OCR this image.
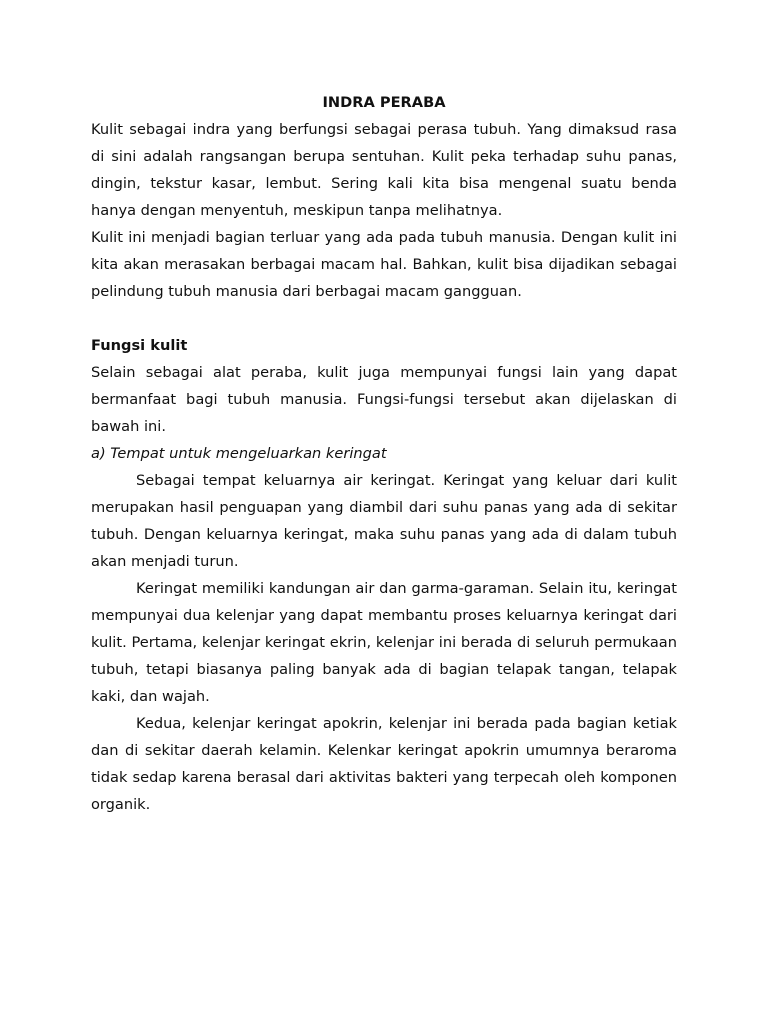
INDRA PERABA

Kulit sebagai indra yang berfungsi sebagai perasa tubuh. Yang dimaksud rasa di sini adalah rangsangan berupa sentuhan. Kulit peka terhadap suhu panas, dingin, tekstur kasar, lembut. Sering kali kita bisa mengenal suatu benda hanya dengan menyentuh, meskipun tanpa melihatnya.

Kulit ini menjadi bagian terluar yang ada pada tubuh manusia. Dengan kulit ini kita akan merasakan berbagai macam hal. Bahkan, kulit bisa dijadikan sebagai pelindung tubuh manusia dari berbagai macam gangguan.

Fungsi kulit

Selain sebagai alat peraba, kulit juga mempunyai fungsi lain yang dapat bermanfaat bagi tubuh manusia. Fungsi-fungsi tersebut akan dijelaskan di bawah ini.

a) Tempat untuk mengeluarkan keringat

Sebagai tempat keluarnya air keringat. Keringat yang keluar dari kulit merupakan hasil penguapan yang diambil dari suhu panas yang ada di sekitar tubuh. Dengan keluarnya keringat, maka suhu panas yang ada di dalam tubuh akan menjadi turun.

Keringat memiliki kandungan air dan garma-garaman. Selain itu, keringat mempunyai dua kelenjar yang dapat membantu proses keluarnya keringat dari kulit. Pertama, kelenjar keringat ekrin, kelenjar ini berada di seluruh permukaan tubuh, tetapi biasanya paling banyak ada di bagian telapak tangan, telapak kaki, dan wajah.

Kedua, kelenjar keringat apokrin, kelenjar ini berada pada bagian ketiak dan di sekitar daerah kelamin. Kelenkar keringat apokrin umumnya beraroma tidak sedap karena berasal dari aktivitas bakteri yang terpecah oleh komponen organik.
